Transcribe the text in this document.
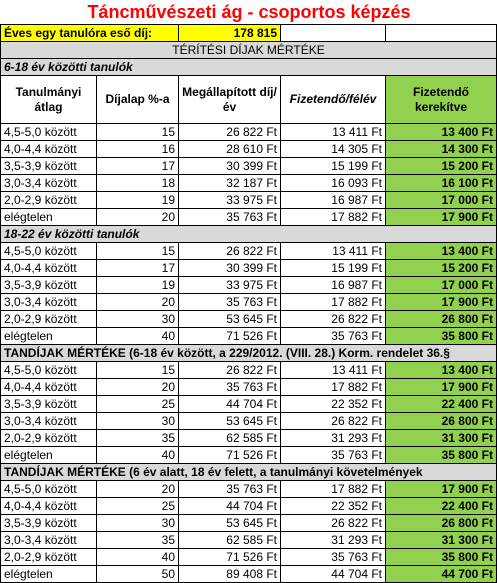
Táncművészeti ág - csoportos képzés
Éves egy tanulóra eső díj:		178 815		
TÉRÍTÉSI DÍJAK MÉRTÉKE				
6-18 év közötti tanulók				
Tanulmányi átlag	Díjalap %-a	Megállapított díj/év	Fizetendő/félév	Fizetendő kerekítve
4,5-5,0 között	15	26 822 Ft	13 411 Ft	13 400 Ft
4,0-4,4 között	16	28 610 Ft	14 305 Ft	14 300 Ft
3,5-3,9 között	17	30 399 Ft	15 199 Ft	15 200 Ft
3,0-3,4 között	18	32 187 Ft	16 093 Ft	16 100 Ft
2,0-2,9 között	19	33 975 Ft	16 987 Ft	17 000 Ft
elégtelen	20	35 763 Ft	17 882 Ft	17 900 Ft
18-22 év közötti tanulók				
4,5-5,0 között	15	26 822 Ft	13 411 Ft	13 400 Ft
4,0-4,4 között	17	30 399 Ft	15 199 Ft	15 200 Ft
3,5-3,9 között	19	33 975 Ft	16 987 Ft	17 000 Ft
3,0-3,4 között	20	35 763 Ft	17 882 Ft	17 900 Ft
2,0-2,9 között	30	53 645 Ft	26 822 Ft	26 800 Ft
elégtelen	40	71 526 Ft	35 763 Ft	35 800 Ft
TANDÍJAK MÉRTÉKE (6-18 év között, a 229/2012. (VIII. 28.) Korm. rendelet 36.§				
4,5-5,0 között	15	26 822 Ft	13 411 Ft	13 400 Ft
4,0-4,4 között	20	35 763 Ft	17 882 Ft	17 900 Ft
3,5-3,9 között	25	44 704 Ft	22 352 Ft	22 400 Ft
3,0-3,4 között	30	53 645 Ft	26 822 Ft	26 800 Ft
2,0-2,9 között	35	62 585 Ft	31 293 Ft	31 300 Ft
elégtelen	40	71 526 Ft	35 763 Ft	35 800 Ft
TANDÍJAK MÉRTÉKE (6 év alatt, 18 év felett, a tanulmányi követelmények				
4,5-5,0 között	20	35 763 Ft	17 882 Ft	17 900 Ft
4,0-4,4 között	25	44 704 Ft	22 352 Ft	22 400 Ft
3,5-3,9 között	30	53 645 Ft	26 822 Ft	26 800 Ft
3,0-3,4 között	35	62 585 Ft	31 293 Ft	31 300 Ft
2,0-2,9 között	40	71 526 Ft	35 763 Ft	35 800 Ft
elégtelen	50	89 408 Ft	44 704 Ft	44 700 Ft
